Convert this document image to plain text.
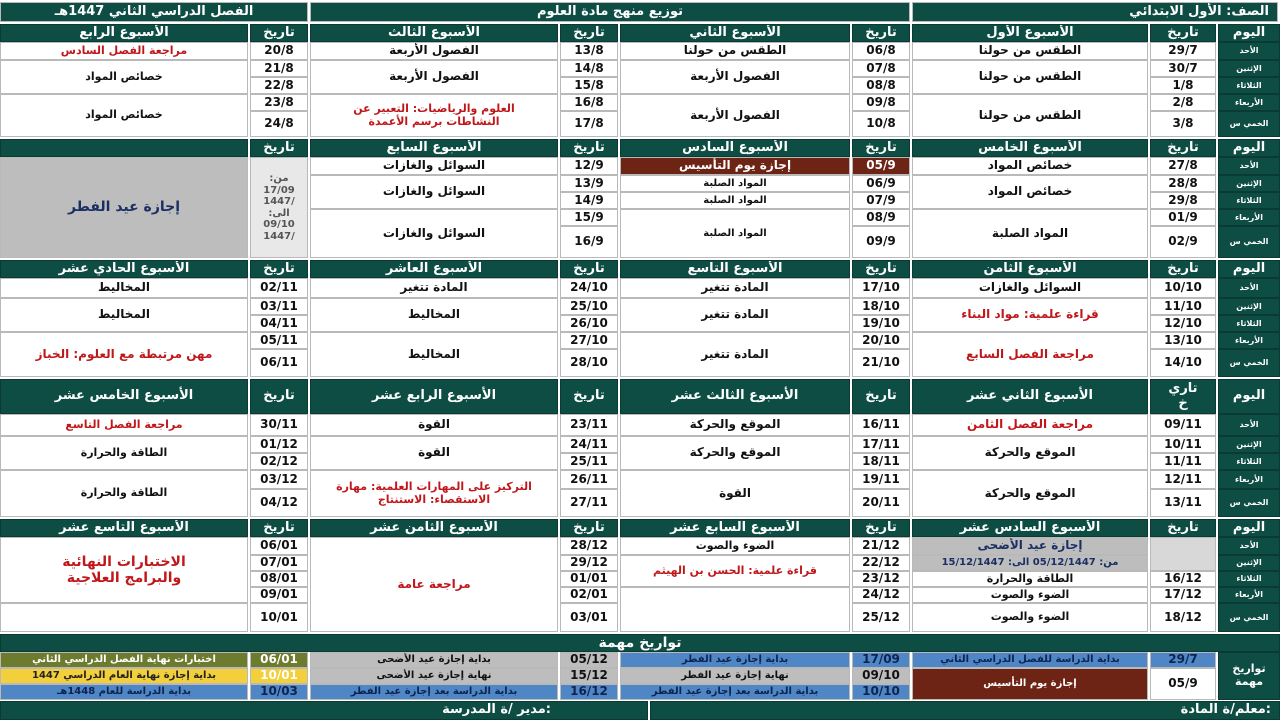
الصف: الأول الابتدائي
توزيع منهج مادة العلوم
الفصل الدراسي الثاني 1447هـ
اليوم
تاريخ
الأسبوع الأول
تاريخ
الأسبوع الثاني
تاريخ
الأسبوع الثالث
تاريخ
الأسبوع الرابع
الأحد
الإثنين
الثلاثاء
الأربعاء
الخمي س
29/7
30/7
1/8
2/8
3/8
الطقس من حولنا
الطقس من حولنا
الطقس من حولنا
06/8
07/8
08/8
09/8
10/8
الطقس من حولنا
الفصول الأربعة
الفصول الأربعة
13/8
14/8
15/8
16/8
17/8
الفصول الأربعة
الفصول الأربعة
العلوم والرياضيات: التعبير عن النشاطات برسم الأعمدة
20/8
21/8
22/8
23/8
24/8
مراجعة الفصل السادس
خصائص المواد
خصائص المواد
اليوم
تاريخ
الأسبوع الخامس
تاريخ
الأسبوع السادس
تاريخ
الأسبوع السابع
تاريخ
الأحد
الإثنين
الثلاثاء
الأربعاء
الخمي س
27/8
28/8
29/8
01/9
02/9
خصائص المواد
خصائص المواد
المواد الصلبة
05/9
06/9
07/9
08/9
09/9
إجازة يوم التأسيس
المواد الصلبة
المواد الصلبة
المواد الصلبة
12/9
13/9
14/9
15/9
16/9
السوائل والغازات
السوائل والغازات
السوائل والغازات
من: 17/09 /1447 الى: 09/10 /1447
إجازة عيد الفطر
اليوم
تاريخ
الأسبوع الثامن
تاريخ
الأسبوع التاسع
تاريخ
الأسبوع العاشر
تاريخ
الأسبوع الحادي عشر
الأحد
الإثنين
الثلاثاء
الأربعاء
الخمي س
10/10
11/10
12/10
13/10
14/10
السوائل والغازات
قراءة علمية: مواد البناء
مراجعة الفصل السابع
17/10
18/10
19/10
20/10
21/10
المادة تتغير
المادة تتغير
المادة تتغير
24/10
25/10
26/10
27/10
28/10
المادة تتغير
المخاليط
المخاليط
02/11
03/11
04/11
05/11
06/11
المخاليط
المخاليط
مهن مرتبطة مع العلوم: الخباز
اليوم
تاري خ
الأسبوع الثاني عشر
تاريخ
الأسبوع الثالث عشر
تاريخ
الأسبوع الرابع عشر
تاريخ
الأسبوع الخامس عشر
الأحد
الإثنين
الثلاثاء
الأربعاء
الخمي س
09/11
10/11
11/11
12/11
13/11
مراجعة الفصل الثامن
الموقع والحركة
الموقع والحركة
16/11
17/11
18/11
19/11
20/11
الموقع والحركة
الموقع والحركة
القوة
23/11
24/11
25/11
26/11
27/11
القوة
القوة
التركيز على المهارات العلمية: مهارة الاستقصاء: الاستنتاج
30/11
01/12
02/12
03/12
04/12
مراجعة الفصل التاسع
الطاقة والحرارة
الطاقة والحرارة
اليوم
تاريخ
الأسبوع السادس عشر
تاريخ
الأسبوع السابع عشر
تاريخ
الأسبوع الثامن عشر
تاريخ
الأسبوع التاسع عشر
الأحد
الإثنين
الثلاثاء
الأربعاء
الخمي س
16/12
17/12
18/12
إجازة عيد الأضحى
من: 05/12/1447 الى: 15/12/1447
الطاقة والحرارة
الضوء والصوت
الضوء والصوت
21/12
22/12
23/12
24/12
25/12
الضوء والصوت
قراءة علمية: الحسن بن الهيثم
28/12
29/12
01/01
02/01
03/01
مراجعة عامة
06/01
07/01
08/01
09/01
10/01
الاختبارات النهائية والبرامج العلاجية
تواريخ مهمة
تواريخ مهمة
29/7
بداية الدراسة للفصل الدراسي الثاني
05/9
إجازة يوم التأسيس
17/09
بداية إجازة عيد الفطر
09/10
نهاية إجازة عيد الفطر
10/10
بداية الدراسة بعد إجازة عيد الفطر
05/12
بداية إجازة عيد الأضحى
15/12
نهاية إجازة عيد الأضحى
16/12
بداية الدراسة بعد إجازة عيد الفطر
06/01
اختبارات نهاية الفصل الدراسي الثاني
10/01
بداية إجازة نهاية العام الدراسي 1447
10/03
بداية الدراسة للعام 1448هـ
معلم/ة المادة:
مدير /ة المدرسة:
